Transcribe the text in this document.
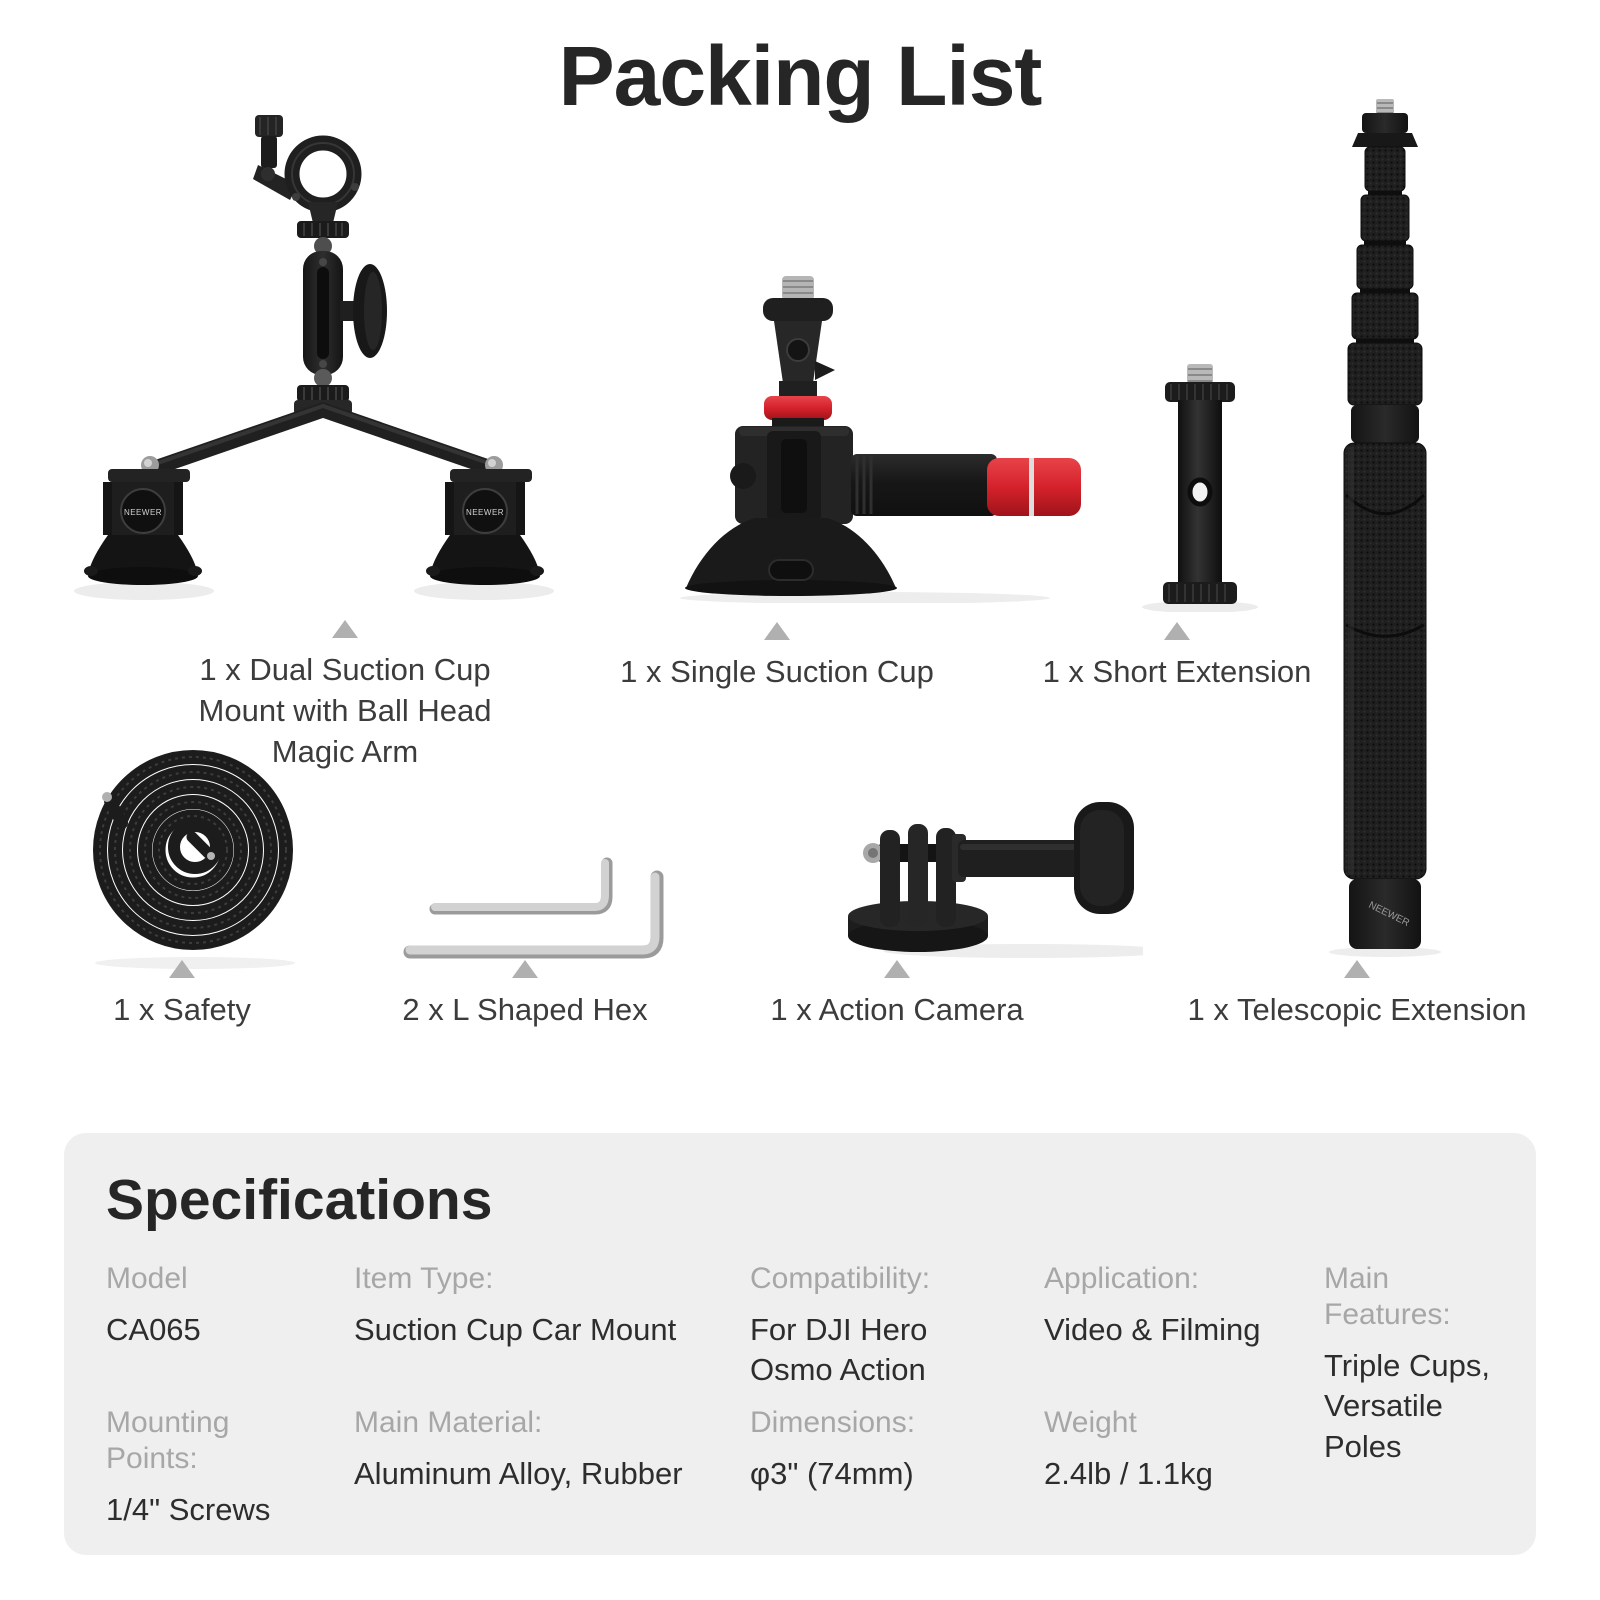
Packing List
NEEWER	NEEWER
NEEWER
1 x Dual Suction Cup Mount with Ball Head Magic Arm
1 x Single Suction Cup	1 x Short Extension
1 x Safety	2 x L Shaped Hex	1 x Action Camera	1 x Telescopic Extension
Specifications
Model
CA065
Item Type:
Suction Cup Car Mount
Compatibility:
For DJI Hero Osmo Action
Application:
Video & Filming
Main Features:
Triple Cups, Versatile Poles
Mounting Points:
1/4" Screws
Main Material:
Aluminum Alloy, Rubber
Dimensions:
φ3" (74mm)
Weight
2.4lb / 1.1kg
